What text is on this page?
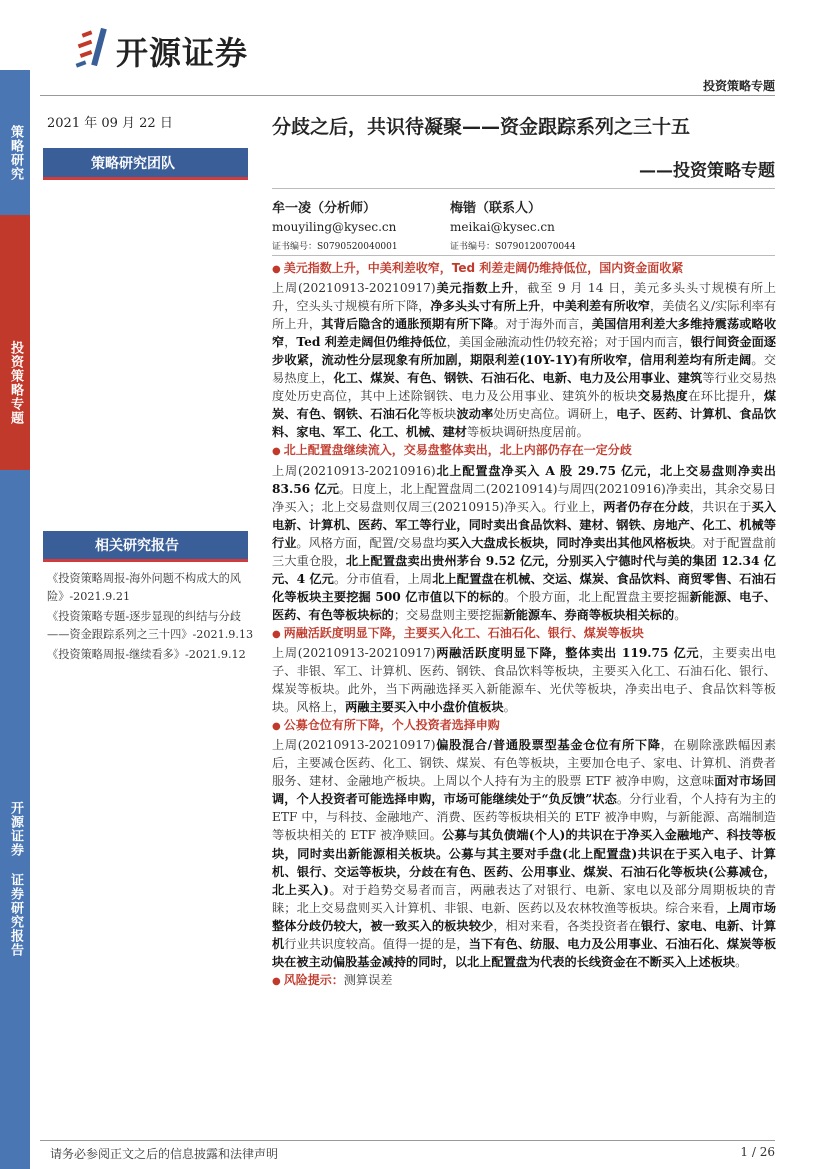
开源证券
投资策略专题
策略研究
投资策略专题
开源证券 证券研究报告
2021 年 09 月 22 日
策略研究团队
分歧之后，共识待凝聚——资金跟踪系列之三十五
——投资策略专题
牟一凌（分析师）
mouyiling@kysec.cn
证书编号：S0790520040001
梅锴（联系人）
meikai@kysec.cn
证书编号：S0790120070044

● 美元指数上升，中美利差收窄，Ted 利差走阔仍维持低位，国内资金面收紧

上周(20210913-20210917)美元指数上升，截至 9 月 14 日，美元多头头寸规模有所上升，空头头寸规模有所下降，净多头头寸有所上升，中美利差有所收窄，美债名义/实际利率有所上升，其背后隐含的通胀预期有所下降。对于海外而言，美国信用利差大多维持震荡或略收窄，Ted 利差走阔但仍维持低位，美国金融流动性仍较充裕；对于国内而言，银行间资金面逐步收紧，流动性分层现象有所加剧，期限利差(10Y-1Y)有所收窄，信用利差均有所走阔。交易热度上，化工、煤炭、有色、钢铁、石油石化、电新、电力及公用事业、建筑等行业交易热度处历史高位，其中上述除钢铁、电力及公用事业、建筑外的板块交易热度在环比提升，煤炭、有色、钢铁、石油石化等板块波动率处历史高位。调研上，电子、医药、计算机、食品饮料、家电、军工、化工、机械、建材等板块调研热度居前。

● 北上配置盘继续流入，交易盘整体卖出，北上内部仍存在一定分歧

上周(20210913-20210916)北上配置盘净买入 A 股 29.75 亿元，北上交易盘则净卖出 83.56 亿元。日度上，北上配置盘周二(20210914)与周四(20210916)净卖出，其余交易日净买入；北上交易盘则仅周三(20210915)净买入。行业上，两者仍存在分歧，共识在于买入电新、计算机、医药、军工等行业，同时卖出食品饮料、建材、钢铁、房地产、化工、机械等行业。风格方面，配置/交易盘均买入大盘成长板块，同时净卖出其他风格板块。对于配置盘前三大重仓股，北上配置盘卖出贵州茅台 9.52 亿元，分别买入宁德时代与美的集团 12.34 亿元、4 亿元。分市值看，上周北上配置盘在机械、交运、煤炭、食品饮料、商贸零售、石油石化等板块主要挖掘 500 亿市值以下的标的。个股方面，北上配置盘主要挖掘新能源、电子、医药、有色等板块标的；交易盘则主要挖掘新能源车、券商等板块相关标的。

● 两融活跃度明显下降，主要买入化工、石油石化、银行、煤炭等板块

上周(20210913-20210917)两融活跃度明显下降，整体卖出 119.75 亿元，主要卖出电子、非银、军工、计算机、医药、钢铁、食品饮料等板块，主要买入化工、石油石化、银行、煤炭等板块。此外，当下两融选择买入新能源车、光伏等板块，净卖出电子、食品饮料等板块。风格上，两融主要买入中小盘价值板块。

● 公募仓位有所下降，个人投资者选择申购

上周(20210913-20210917)偏股混合/普通股票型基金仓位有所下降，在剔除涨跌幅因素后，主要减仓医药、化工、钢铁、煤炭、有色等板块，主要加仓电子、家电、计算机、消费者服务、建材、金融地产板块。上周以个人持有为主的股票 ETF 被净申购，这意味面对市场回调，个人投资者可能选择申购，市场可能继续处于“负反馈”状态。分行业看，个人持有为主的 ETF 中，与科技、金融地产、消费、医药等板块相关的 ETF 被净申购，与新能源、高端制造等板块相关的 ETF 被净赎回。公募与其负债端(个人)的共识在于净买入金融地产、科技等板块，同时卖出新能源相关板块。公募与其主要对手盘(北上配置盘)共识在于买入电子、计算机、银行、交运等板块，分歧在有色、医药、公用事业、煤炭、石油石化等板块(公募减仓，北上买入)。对于趋势交易者而言，两融表达了对银行、电新、家电以及部分周期板块的青睐；北上交易盘则买入计算机、非银、电新、医药以及农林牧渔等板块。综合来看，上周市场整体分歧仍较大，被一致买入的板块较少，相对来看，各类投资者在银行、家电、电新、计算机行业共识度较高。值得一提的是，当下有色、纺服、电力及公用事业、石油石化、煤炭等板块在被主动偏股基金减持的同时，以北上配置盘为代表的长线资金在不断买入上述板块。

● 风险提示：测算误差

相关研究报告
《投资策略周报-海外问题不构成大的风险》-2021.9.21
《投资策略专题-逐步显现的纠结与分歧——资金跟踪系列之三十四》-2021.9.13
《投资策略周报-继续看多》-2021.9.12
请务必参阅正文之后的信息披露和法律声明	1 / 26
